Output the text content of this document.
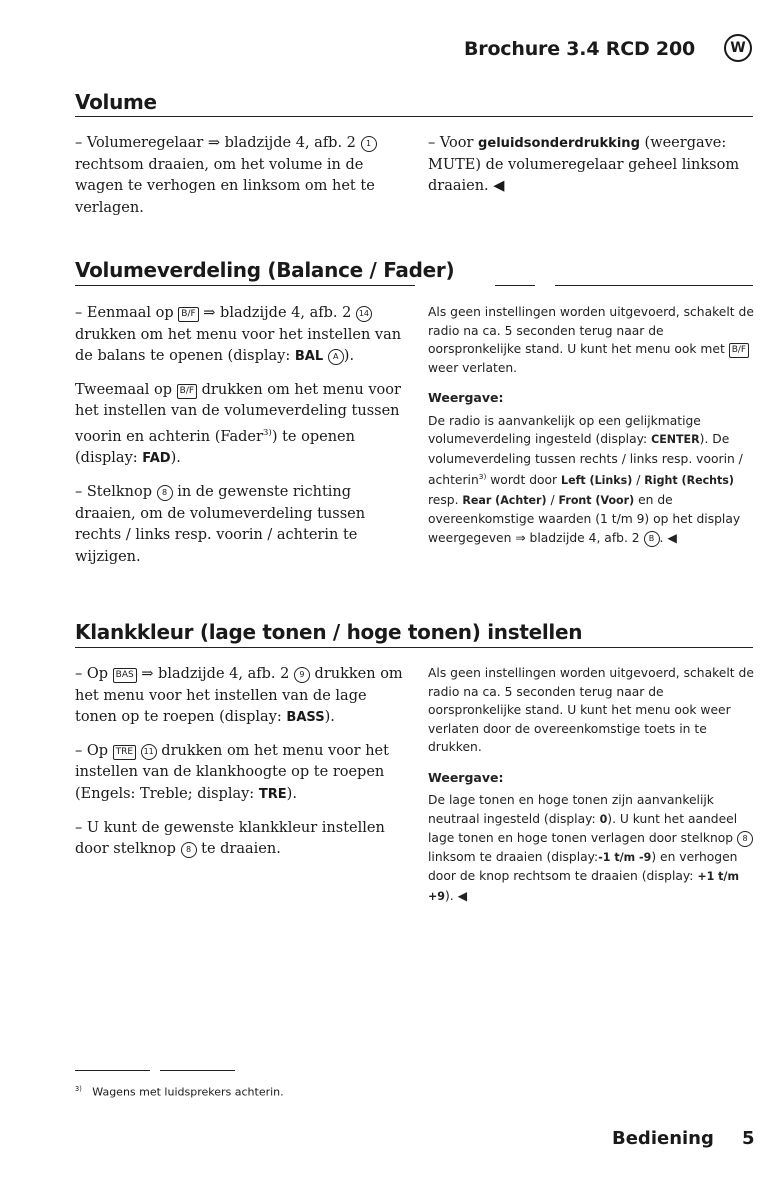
Brochure 3.4 RCD 200	W
Volume

– Volumeregelaar ⇒ bladzijde 4, afb. 2 1 rechtsom draaien, om het volume in de wagen te verhogen en linksom om het te verlagen.

– Voor geluidsonderdrukking (weergave: MUTE) de volumeregelaar geheel linksom draaien. ◀

Volumeverdeling (Balance / Fader)

– Eenmaal op B/F ⇒ bladzijde 4, afb. 2 14 drukken om het menu voor het instellen van de balans te openen (display: BAL A ).

Tweemaal op B/F drukken om het menu voor het instellen van de volumeverdeling tussen voorin en achterin (Fader$^{3)}$) te openen (display: FAD).

– Stelknop 8 in de gewenste richting draaien, om de volumeverdeling tussen rechts / links resp. voorin / achterin te wijzigen.

Als geen instellingen worden uitgevoerd, schakelt de radio na ca. 5 seconden terug naar de oorspronkelijke stand. U kunt het menu ook met B/F weer verlaten.

Weergave:

De radio is aanvankelijk op een gelijkmatige volumeverdeling ingesteld (display: CENTER). De volumeverdeling tussen rechts / links resp. voorin / achterin$^{3)}$ wordt door Left (Links) / Right (Rechts) resp. Rear (Achter) / Front (Voor) en de overeenkomstige waarden (1 t/m 9) op het display weergegeven ⇒ bladzijde 4, afb. 2 B . ◀

Klankkleur (lage tonen / hoge tonen) instellen

– Op BAS ⇒ bladzijde 4, afb. 2 9 drukken om het menu voor het instellen van de lage tonen op te roepen (display: BASS).

– Op TRE 11 drukken om het menu voor het instellen van de klankhoogte op te roepen (Engels: Treble; display: TRE).

– U kunt de gewenste klankkleur instellen door stelknop 8 te draaien.

Als geen instellingen worden uitgevoerd, schakelt de radio na ca. 5 seconden terug naar de oorspronkelijke stand. U kunt het menu ook weer verlaten door de overeenkomstige toets in te drukken.

Weergave:

De lage tonen en hoge tonen zijn aanvankelijk neutraal ingesteld (display: 0). U kunt het aandeel lage tonen en hoge tonen verlagen door stelknop 8 linksom te draaien (display:-1 t/m -9) en verhogen door de knop rechtsom te draaien (display: +1 t/m +9). ◀

$^{3)}$ Wagens met luidsprekers achterin.
Bediening 5
